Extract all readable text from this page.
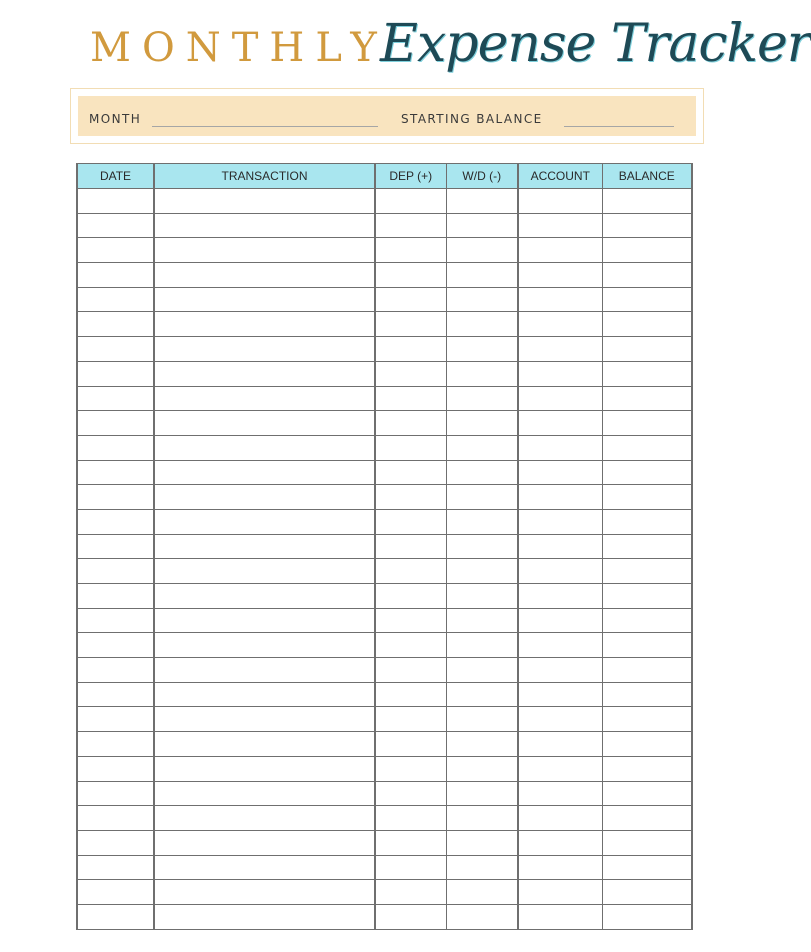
MONTHLY
Expense Tracker
MONTH	STARTING BALANCE
DATE	TRANSACTION	DEP (+)	W/D (-)	ACCOUNT	BALANCE
